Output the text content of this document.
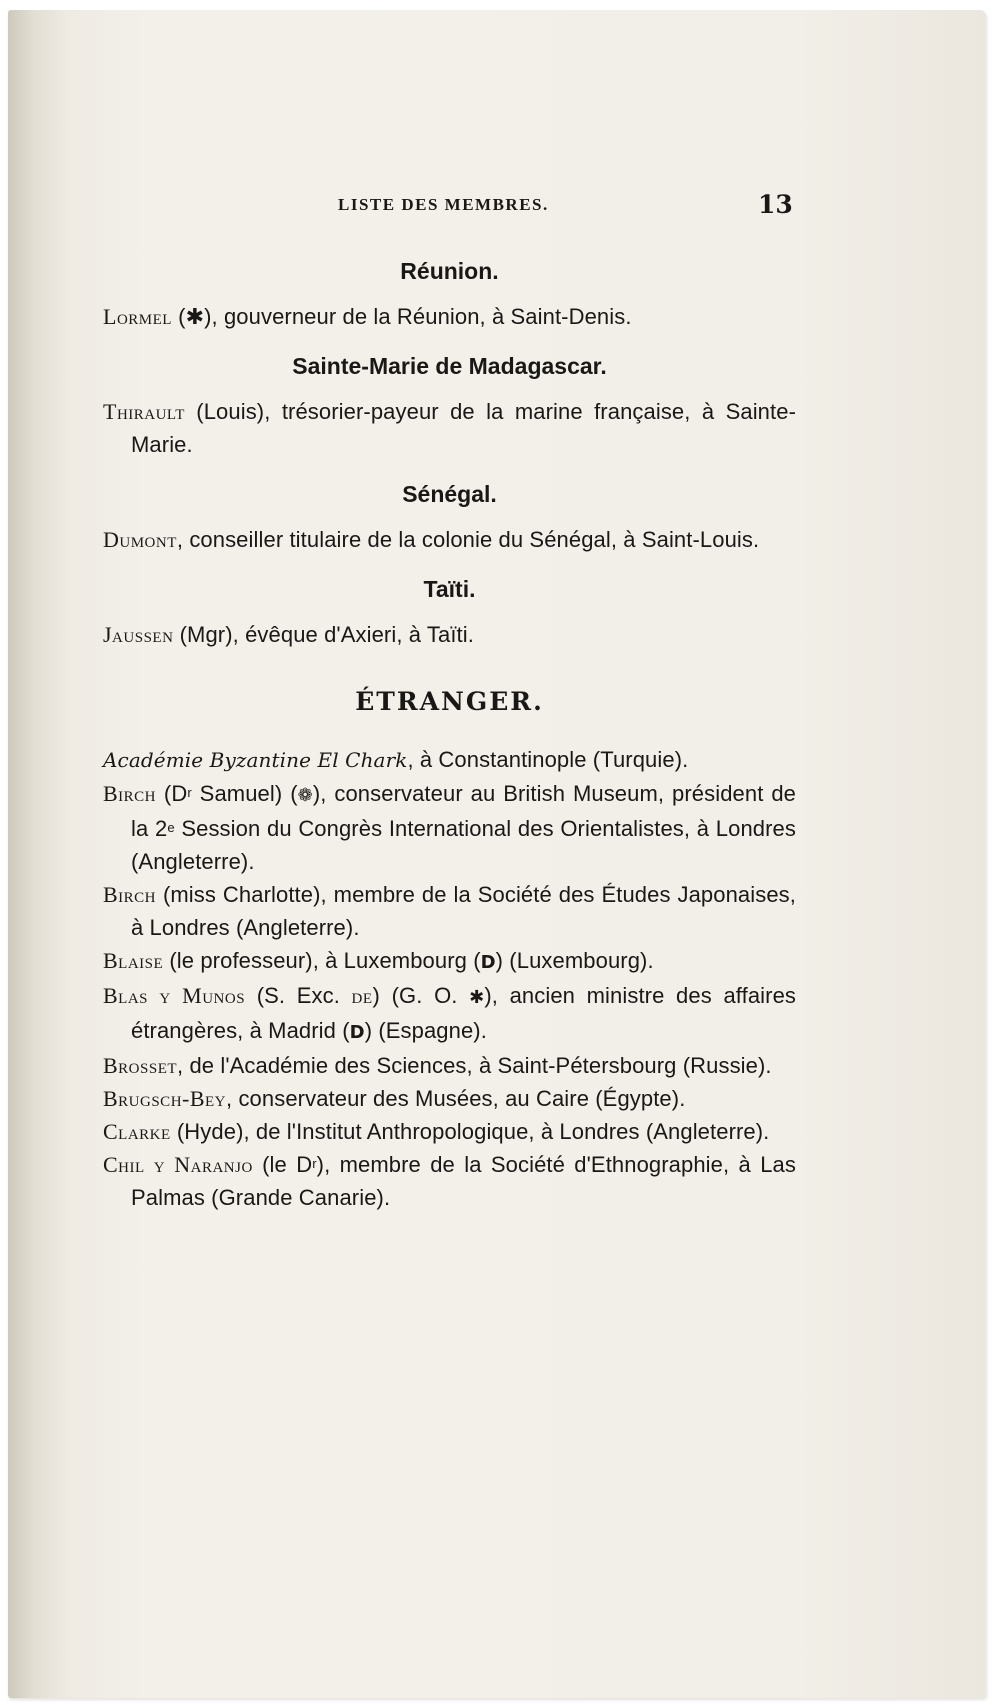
LISTE DES MEMBRES.	13

Réunion.

Lormel (✱), gouverneur de la Réunion, à Saint-Denis.

Sainte-Marie de Madagascar.

Thirault (Louis), trésorier-payeur de la marine française, à Sainte-Marie.

Sénégal.

Dumont, conseiller titulaire de la colonie du Sénégal, à Saint-Louis.

Taïti.

Jaussen (Mgr), évêque d'Axieri, à Taïti.

ÉTRANGER.

Académie Byzantine El Chark, à Constantinople (Turquie).

Birch ($D^r$ Samuel) (❁), conservateur au British Museum, président de la 2e Session du Congrès International des Orientalistes, à Londres (Angleterre).

Birch (miss Charlotte), membre de la Société des Études Japonaises, à Londres (Angleterre).

Blaise (le professeur), à Luxembourg (D) (Luxembourg).

Blas y Munos (S. Exc. de) (G. O. ✱), ancien ministre des affaires étrangères, à Madrid (D) (Espagne).

Brosset, de l'Académie des Sciences, à Saint-Pétersbourg (Russie).

Brugsch-Bey, conservateur des Musées, au Caire (Égypte).

Clarke (Hyde), de l'Institut Anthropologique, à Londres (Angleterre).

Chil y Naranjo (le $D^r$), membre de la Société d'Ethnographie, à Las Palmas (Grande Canarie).
